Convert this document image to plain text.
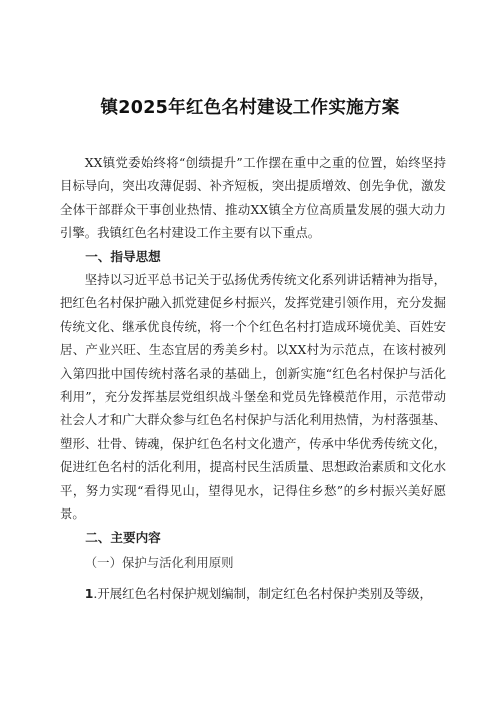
镇2025年红色名村建设工作实施方案

XX镇党委始终将“创绩提升”工作摆在重中之重的位置，始终坚持目标导向，突出攻薄促弱、补齐短板，突出提质增效、创先争优，激发全体干部群众干事创业热情、推动XX镇全方位高质量发展的强大动力引擎。我镇红色名村建设工作主要有以下重点。

一、指导思想

坚持以习近平总书记关于弘扬优秀传统文化系列讲话精神为指导，把红色名村保护融入抓党建促乡村振兴，发挥党建引领作用，充分发掘传统文化、继承优良传统，将一个个红色名村打造成环境优美、百姓安居、产业兴旺、生态宜居的秀美乡村。以XX村为示范点，在该村被列入第四批中国传统村落名录的基础上，创新实施“红色名村保护与活化利用”，充分发挥基层党组织战斗堡垒和党员先锋模范作用，示范带动社会人才和广大群众参与红色名村保护与活化利用热情，为村落强基、塑形、壮骨、铸魂，保护红色名村文化遗产，传承中华优秀传统文化，促进红色名村的活化利用，提高村民生活质量、思想政治素质和文化水平，努力实现“看得见山，望得见水，记得住乡愁”的乡村振兴美好愿景。

二、主要内容

（一）保护与活化利用原则

1.开展红色名村保护规划编制，制定红色名村保护类别及等级，
